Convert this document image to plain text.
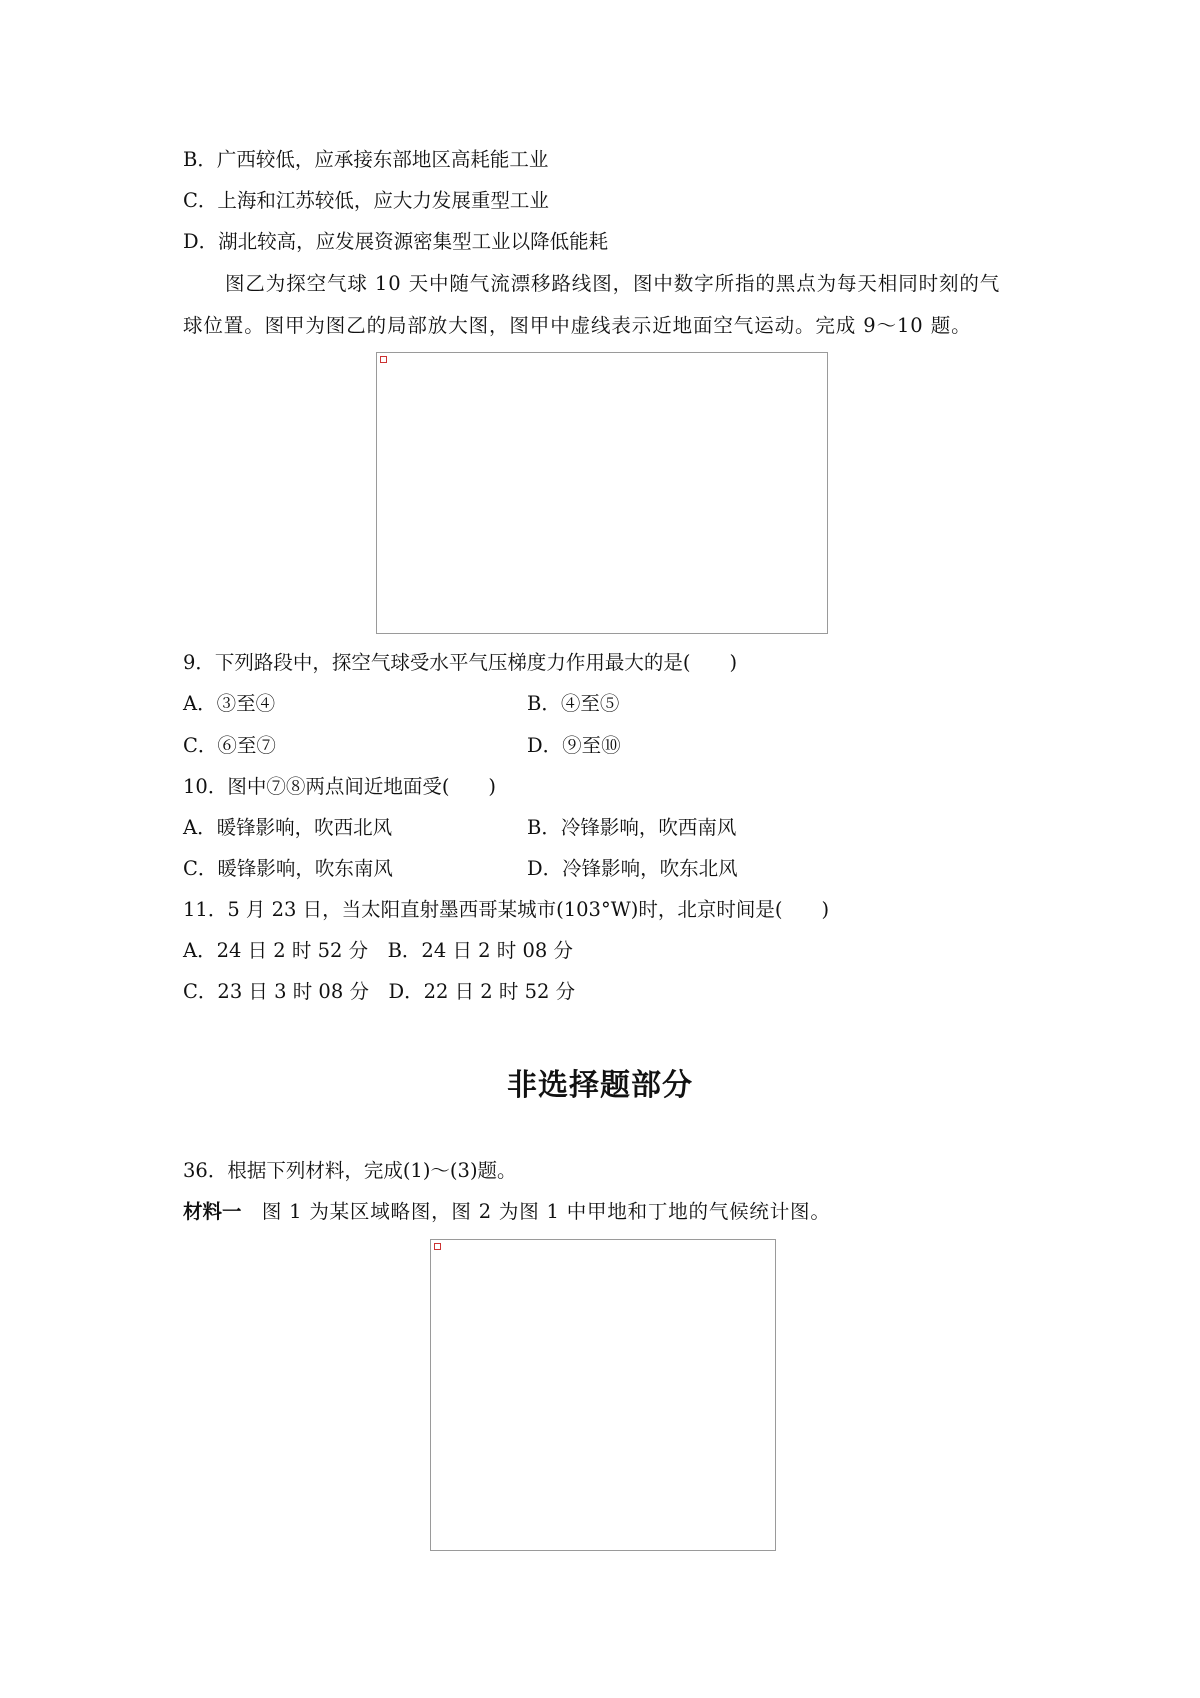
B．广西较低，应承接东部地区高耗能工业
C．上海和江苏较低，应大力发展重型工业
D．湖北较高，应发展资源密集型工业以降低能耗
图乙为探空气球 10 天中随气流漂移路线图，图中数字所指的黑点为每天相同时刻的气
球位置。图甲为图乙的局部放大图，图甲中虚线表示近地面空气运动。完成 9～10 题。
9．下列路段中，探空气球受水平气压梯度力作用最大的是(　　)
A．③至④	B．④至⑤
C．⑥至⑦	D．⑨至⑩
10．图中⑦⑧两点间近地面受(　　)
A．暖锋影响，吹西北风	B．冷锋影响，吹西南风
C．暖锋影响，吹东南风	D．冷锋影响，吹东北风
11．5 月 23 日，当太阳直射墨西哥某城市(103°W)时，北京时间是(　　)
A．24 日 2 时 52 分　B．24 日 2 时 08 分
C．23 日 3 时 08 分　D．22 日 2 时 52 分
非选择题部分
36．根据下列材料，完成(1)～(3)题。
材料一　图 1 为某区域略图，图 2 为图 1 中甲地和丁地的气候统计图。
